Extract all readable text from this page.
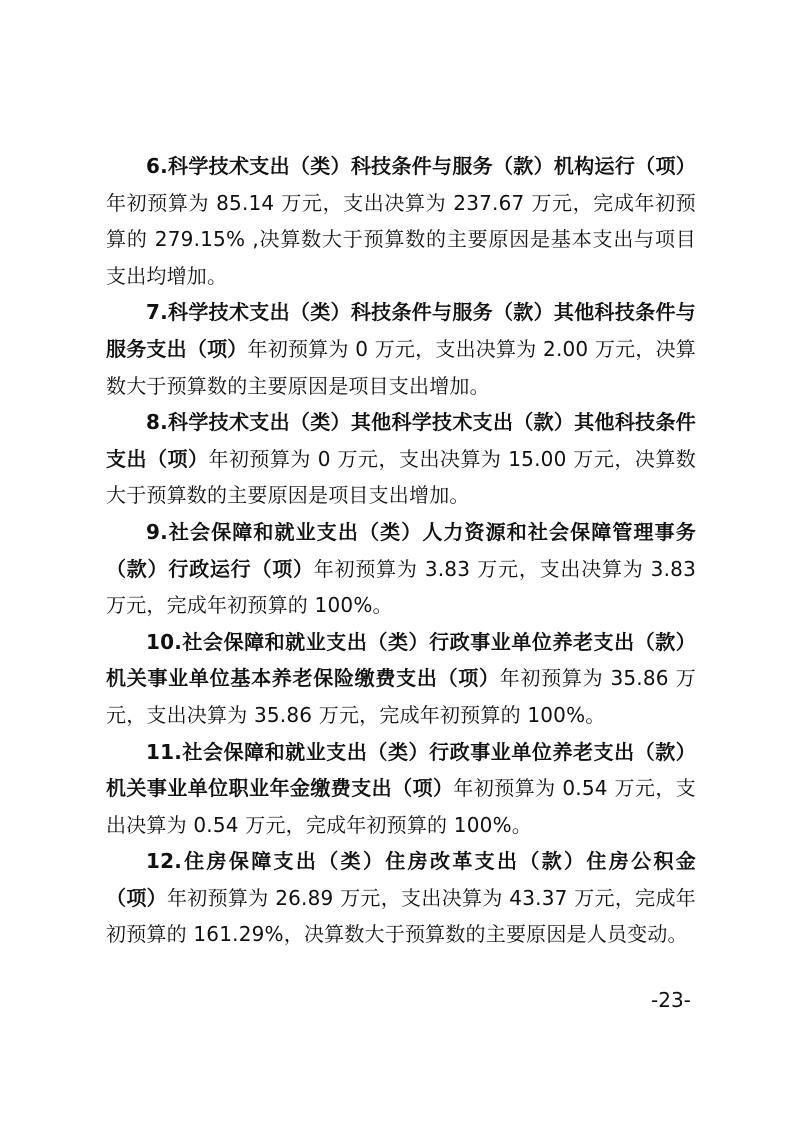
6.科学技术支出（类）科技条件与服务（款）机构运行（项）年初预算为 85.14 万元，支出决算为 237.67 万元，完成年初预算的 279.15% ,决算数大于预算数的主要原因是基本支出与项目支出均增加。

7.科学技术支出（类）科技条件与服务（款）其他科技条件与服务支出（项）年初预算为 0 万元，支出决算为 2.00 万元，决算数大于预算数的主要原因是项目支出增加。

8.科学技术支出（类）其他科学技术支出（款）其他科技条件支出（项）年初预算为 0 万元，支出决算为 15.00 万元，决算数大于预算数的主要原因是项目支出增加。

9.社会保障和就业支出（类）人力资源和社会保障管理事务（款）行政运行（项）年初预算为 3.83 万元，支出决算为 3.83 万元，完成年初预算的 100%。

10.社会保障和就业支出（类）行政事业单位养老支出（款）机关事业单位基本养老保险缴费支出（项）年初预算为 35.86 万元，支出决算为 35.86 万元，完成年初预算的 100%。

11.社会保障和就业支出（类）行政事业单位养老支出（款）机关事业单位职业年金缴费支出（项）年初预算为 0.54 万元，支出决算为 0.54 万元，完成年初预算的 100%。

12.住房保障支出（类）住房改革支出（款）住房公积金（项）年初预算为 26.89 万元，支出决算为 43.37 万元，完成年初预算的 161.29%，决算数大于预算数的主要原因是人员变动。

-23-
